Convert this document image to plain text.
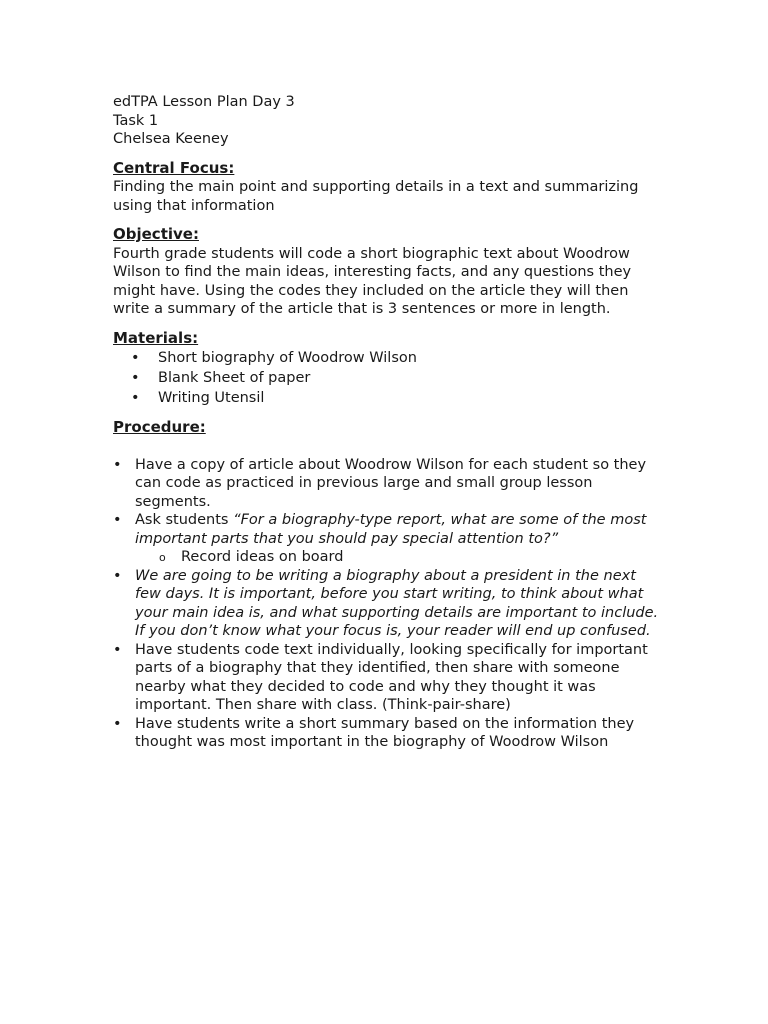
edTPA Lesson Plan Day 3
Task 1
Chelsea Keeney
Central Focus:
Finding the main point and supporting details in a text and summarizing using that information
Objective:
Fourth grade students will code a short biographic text about Woodrow Wilson to find the main ideas, interesting facts, and any questions they might have. Using the codes they included on the article they will then write a summary of the article that is 3 sentences or more in length.
Materials:
• Short biography of Woodrow Wilson
• Blank Sheet of paper
• Writing Utensil
Procedure:
• Have a copy of article about Woodrow Wilson for each student so they can code as practiced in previous large and small group lesson segments.
• Ask students “For a biography-type report, what are some of the most important parts that you should pay special attention to?”
o Record ideas on board
• We are going to be writing a biography about a president in the next few days. It is important, before you start writing, to think about what your main idea is, and what supporting details are important to include. If you don’t know what your focus is, your reader will end up confused.
• Have students code text individually, looking specifically for important parts of a biography that they identified, then share with someone nearby what they decided to code and why they thought it was important. Then share with class. (Think-pair-share)
• Have students write a short summary based on the information they thought was most important in the biography of Woodrow Wilson
